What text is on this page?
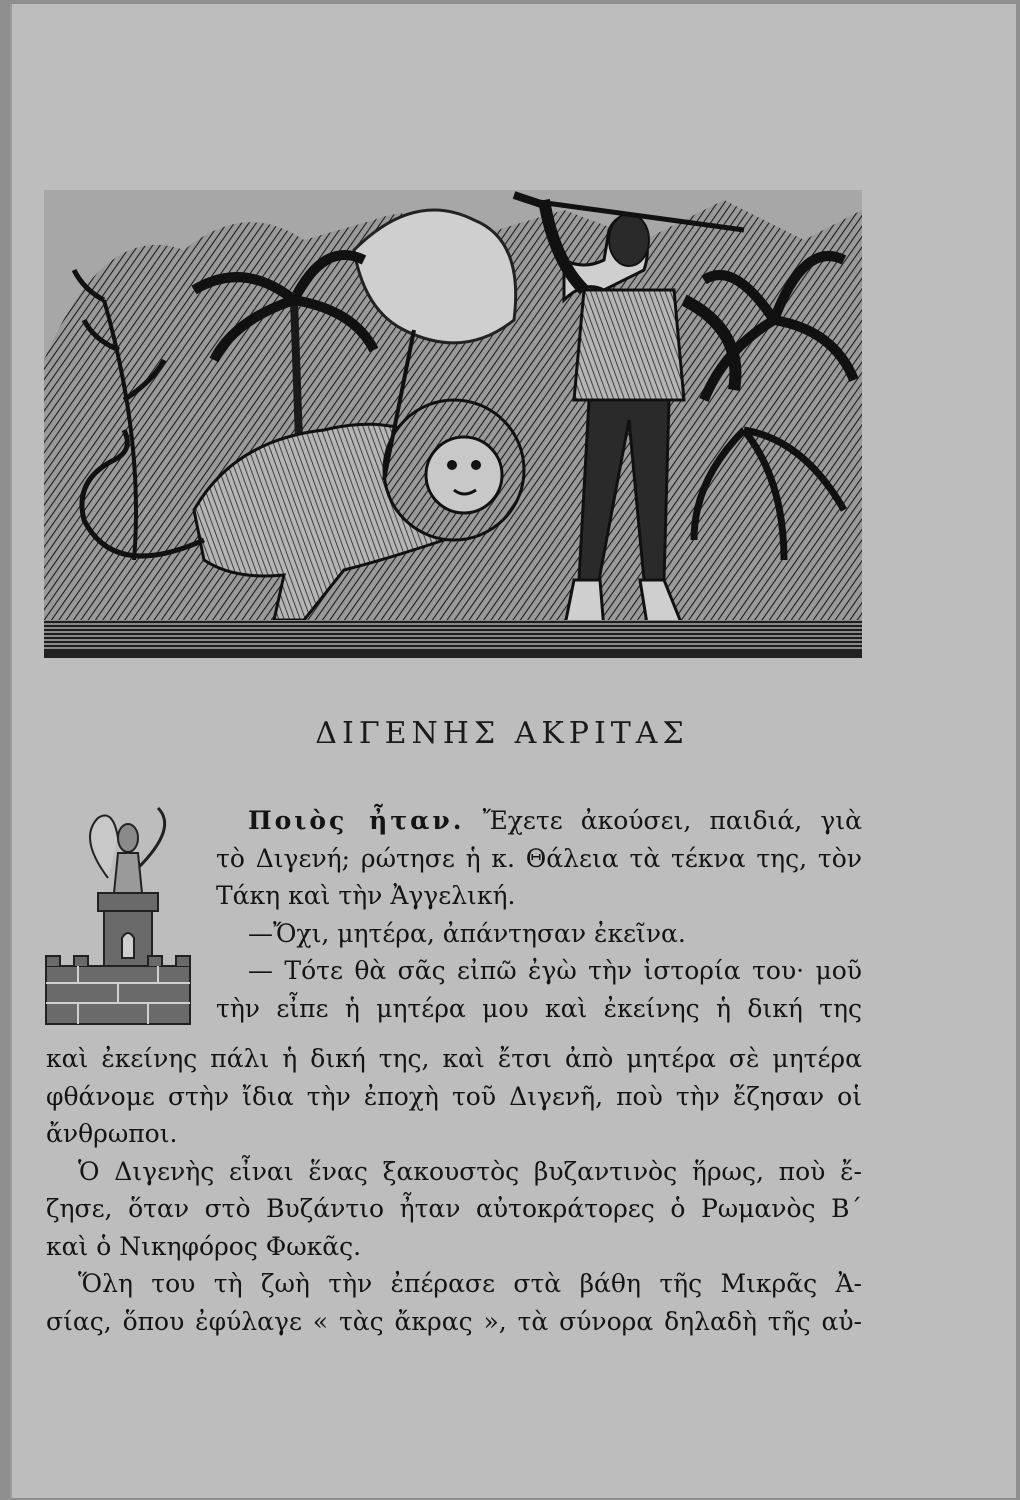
ΔΙΓΕΝΗΣ ΑΚΡΙΤΑΣ
Ποιὸς ἦταν. Ἔχετε ἀκούσει, παιδιά, γιὰ
τὸ Διγενή; ρώτησε ἡ κ. Θάλεια τὰ τέκνα της, τὸν
Τάκη καὶ τὴν Ἀγγελική.
—Ὄχι, μητέρα, ἀπάντησαν ἐκεῖνα.
— Τότε θὰ σᾶς εἰπῶ ἐγὼ τὴν ἱστορία του· μοῦ
τὴν εἶπε ἡ μητέρα μου καὶ ἐκείνης ἡ δική της
καὶ ἐκείνης πάλι ἡ δική της, καὶ ἔτσι ἀπὸ μητέρα σὲ μητέρα
φθάνομε στὴν ἴδια τὴν ἐποχὴ τοῦ Διγενῆ, ποὺ τὴν ἔζησαν οἱ
ἄνθρωποι.
Ὁ Διγενὴς εἶναι ἕνας ξακουστὸς βυζαντινὸς ἥρως, ποὺ ἔ-
ζησε, ὅταν στὸ Βυζάντιο ἦταν αὐτοκράτορες ὁ Ρωμανὸς Β΄
καὶ ὁ Νικηφόρος Φωκᾶς.
Ὅλη του τὴ ζωὴ τὴν ἐπέρασε στὰ βάθη τῆς Μικρᾶς Ἀ-
σίας, ὅπου ἐφύλαγε « τὰς ἄκρας », τὰ σύνορα δηλαδὴ τῆς αὐ-
